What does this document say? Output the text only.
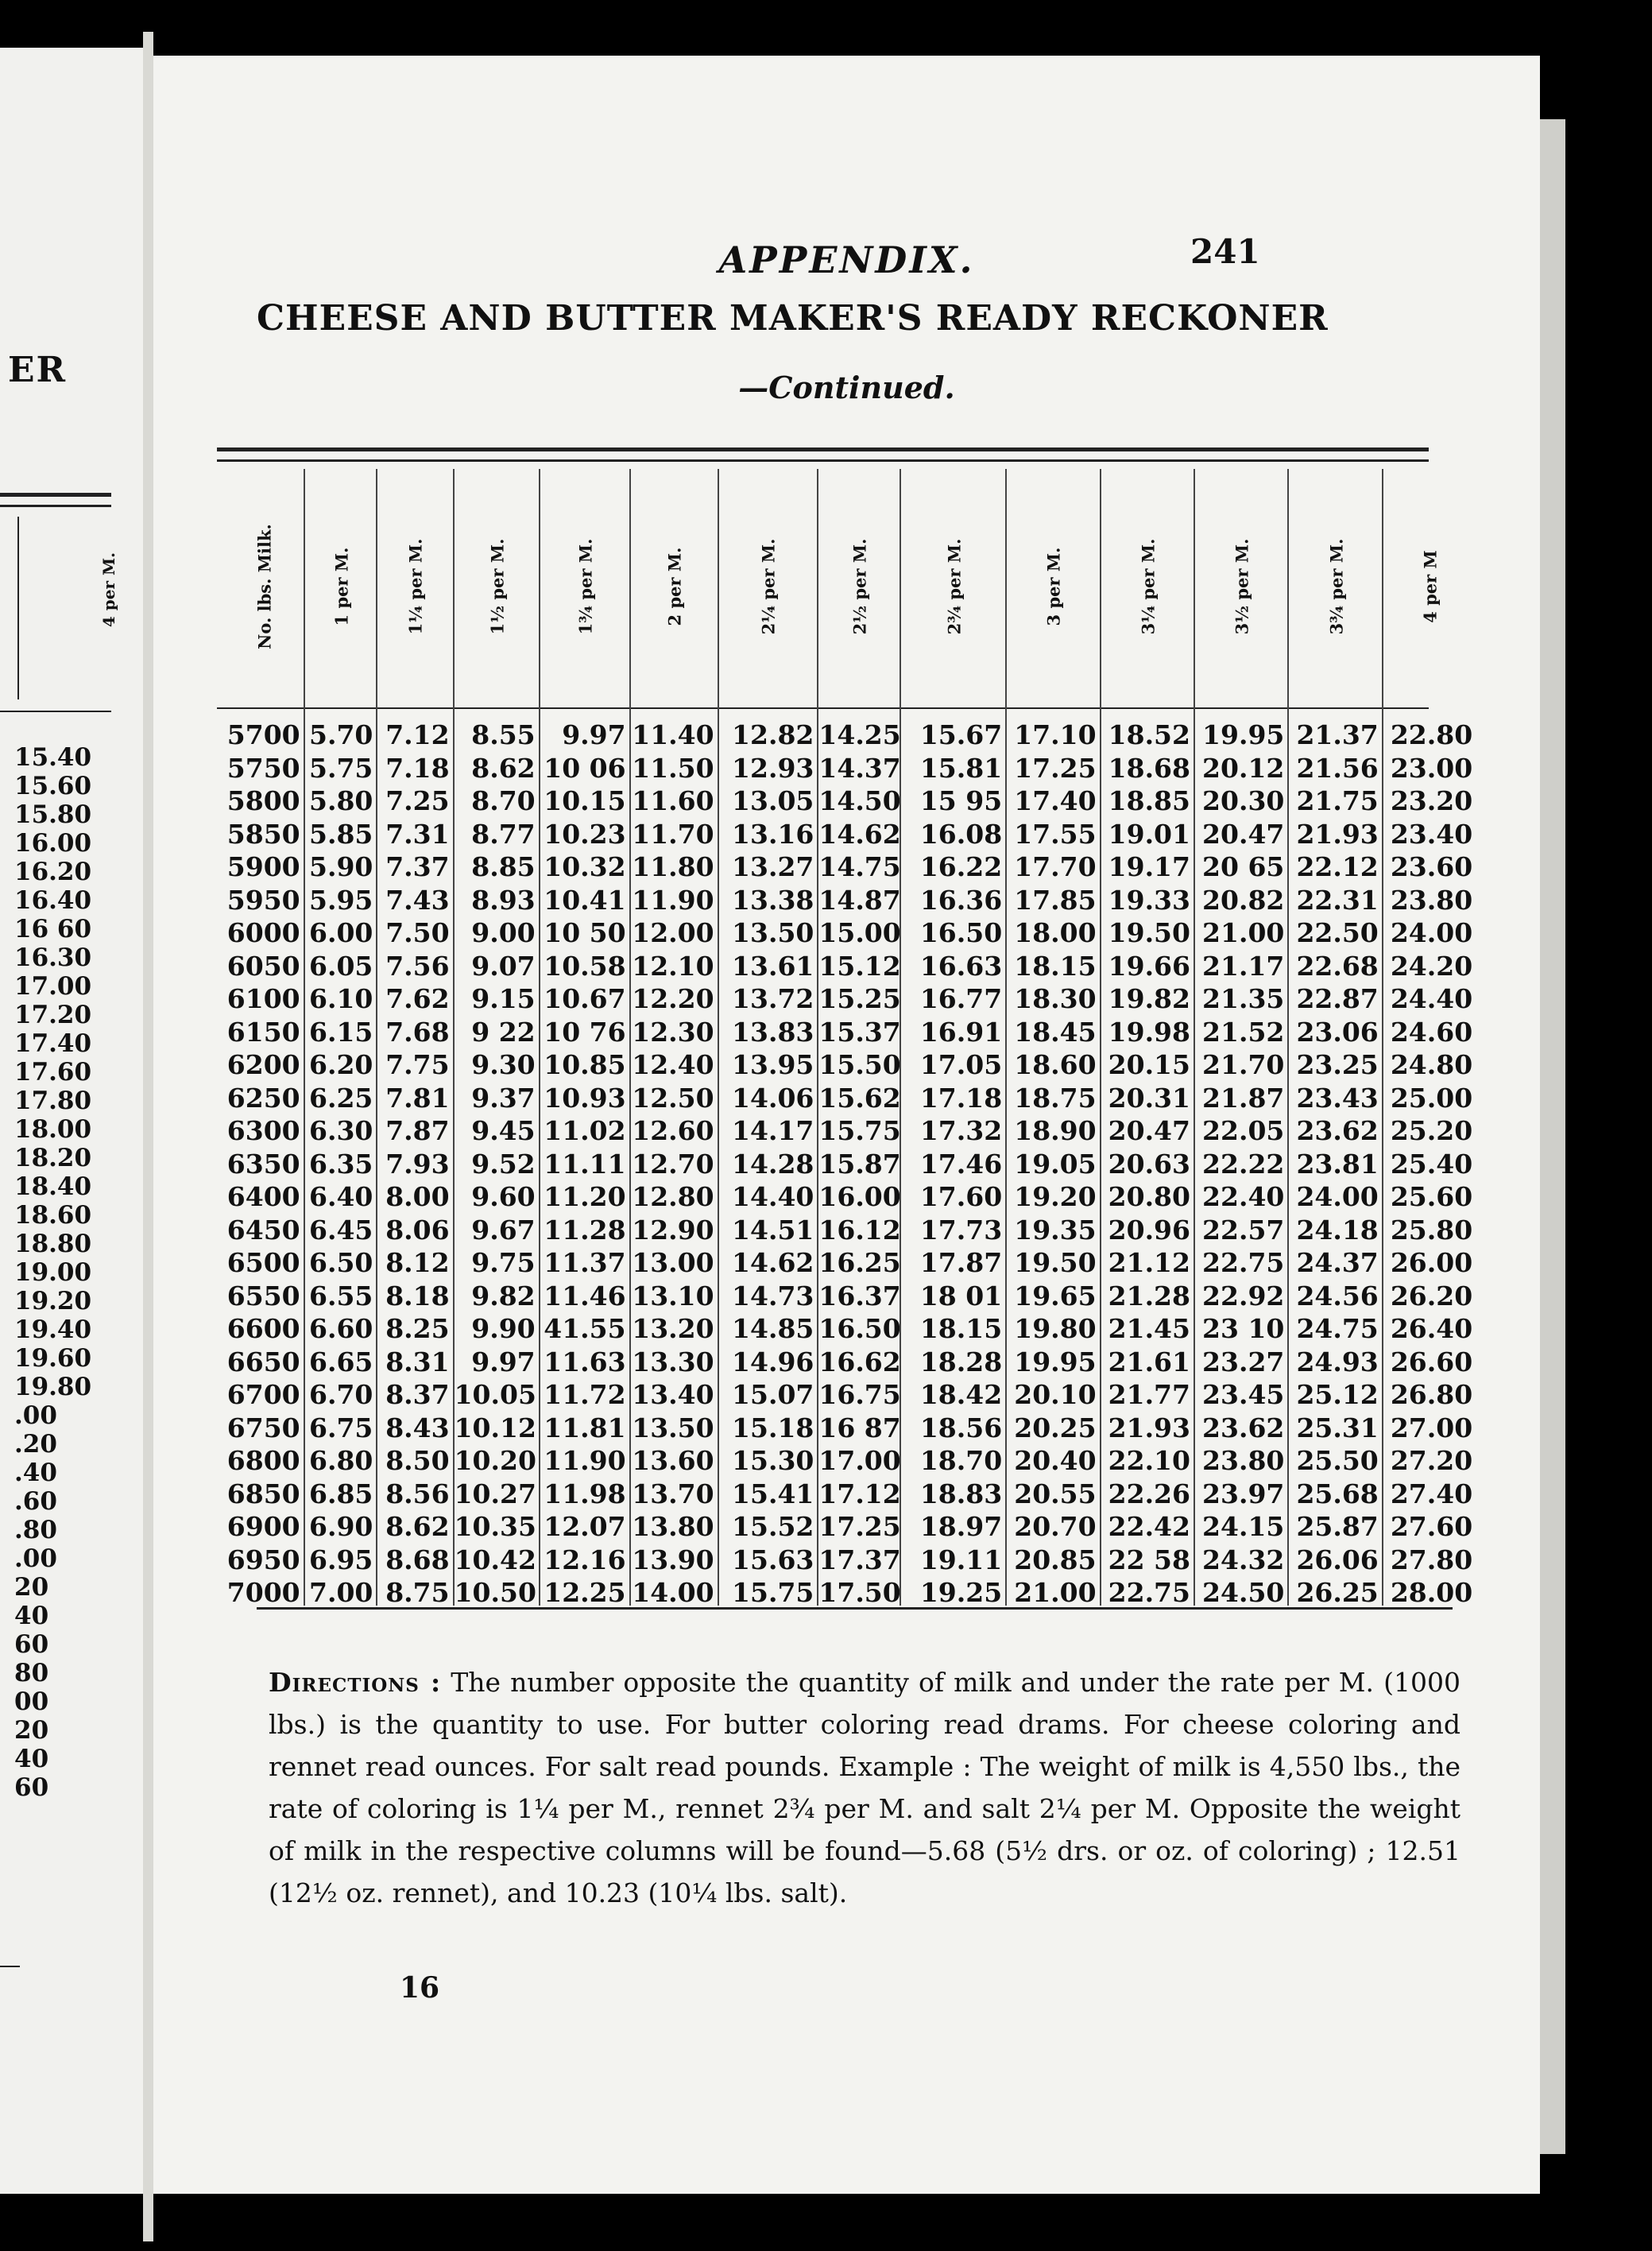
ER
4 per M.
15.40
15.60
15.80
16.00
16.20
16.40
16 60
16.30
17.00
17.20
17.40
17.60
17.80
18.00
18.20
18.40
18.60
18.80
19.00
19.20
19.40
19.60
19.80
.00
.20
.40
.60
.80
.00
20
40
60
80
00
20
40
60
APPENDIX.	241
CHEESE AND BUTTER MAKER'S READY RECKONER
—Continued.
5700 5.70 7.12 8.55	9.97 11.40 12.82 14.25 15.67 17.10 18.52 19.95 21.37 22.80
5750 5.75 7.18 8.62 10 06 11.50 12.93 14.37 15.81 17.25 18.68 20.12 21.56 23.00
5800 5.80 7.25 8.70 10.15 11.60 13.05 14.50 15 95 17.40 18.85 20.30 21.75 23.20
5850 5.85 7.31 8.77 10.23 11.70 13.16 14.62 16.08 17.55 19.01 20.47 21.93 23.40
5900 5.90 7.37 8.85 10.32 11.80 13.27 14.75 16.22 17.70 19.17 20 65 22.12 23.60
5950 5.95 7.43 8.93 10.41 11.90 13.38 14.87 16.36 17.85 19.33 20.82 22.31 23.80
6000 6.00 7.50 9.00 10 50 12.00 13.50 15.00 16.50 18.00 19.50 21.00 22.50 24.00
6050 6.05 7.56 9.07 10.58 12.10 13.61 15.12 16.63 18.15 19.66 21.17 22.68 24.20
6100 6.10 7.62 9.15 10.67 12.20 13.72 15.25 16.77 18.30 19.82 21.35 22.87 24.40
6150 6.15 7.68 9 22 10 76 12.30 13.83 15.37 16.91 18.45 19.98 21.52 23.06 24.60
6200 6.20 7.75 9.30 10.85 12.40 13.95 15.50 17.05 18.60 20.15 21.70 23.25 24.80
6250 6.25 7.81 9.37 10.93 12.50 14.06 15.62 17.18 18.75 20.31 21.87 23.43 25.00
6300 6.30 7.87 9.45 11.02 12.60 14.17 15.75 17.32 18.90 20.47 22.05 23.62 25.20
6350 6.35 7.93 9.52 11.11 12.70 14.28 15.87 17.46 19.05 20.63 22.22 23.81 25.40
6400 6.40 8.00 9.60 11.20 12.80 14.40 16.00 17.60 19.20 20.80 22.40 24.00 25.60
6450 6.45 8.06 9.67 11.28 12.90 14.51 16.12 17.73 19.35 20.96 22.57 24.18 25.80
6500 6.50 8.12 9.75 11.37 13.00 14.62 16.25 17.87 19.50 21.12 22.75 24.37 26.00
6550 6.55 8.18 9.82 11.46 13.10 14.73 16.37 18 01 19.65 21.28 22.92 24.56 26.20
6600 6.60 8.25 9.90 41.55 13.20 14.85 16.50 18.15 19.80 21.45 23 10 24.75 26.40
6650 6.65 8.31 9.97 11.63 13.30 14.96 16.62 18.28 19.95 21.61 23.27 24.93 26.60
6700 6.70 8.37 10.05 11.72 13.40 15.07 16.75 18.42 20.10 21.77 23.45 25.12 26.80
6750 6.75 8.43 10.12 11.81 13.50 15.18 16 87 18.56 20.25 21.93 23.62 25.31 27.00
6800 6.80 8.50 10.20 11.90 13.60 15.30 17.00 18.70 20.40 22.10 23.80 25.50 27.20
6850 6.85 8.56 10.27 11.98 13.70 15.41 17.12 18.83 20.55 22.26 23.97 25.68 27.40
6900 6.90 8.62 10.35 12.07 13.80 15.52 17.25 18.97 20.70 22.42 24.15 25.87 27.60
6950 6.95 8.68 10.42 12.16 13.90 15.63 17.37 19.11 20.85 22 58 24.32 26.06 27.80
7000 7.00 8.75 10.50 12.25 14.00 15.75 17.50 19.25 21.00 22.75 24.50 26.25 28.00
Directions : The number opposite the quantity of milk and under the rate per M. (1000 lbs.) is the quantity to use. For butter coloring read drams. For cheese coloring and rennet read ounces. For salt read pounds. Example : The weight of milk is 4,550 lbs., the rate of coloring is 1¼ per M., rennet 2¾ per M. and salt 2¼ per M. Opposite the weight of milk in the respective columns will be found—5.68 (5½ drs. or oz. of coloring) ; 12.51 (12½ oz. rennet), and 10.23 (10¼ lbs. salt).
16
No. lbs. Milk.	1 per M.	1¼ per M.	1½ per M.	1¾ per M.	2 per M.	2¼ per M.	2½ per M.	2¾ per M.	3 per M.	3¼ per M.	3½ per M.	3¾ per M.	4 per M
